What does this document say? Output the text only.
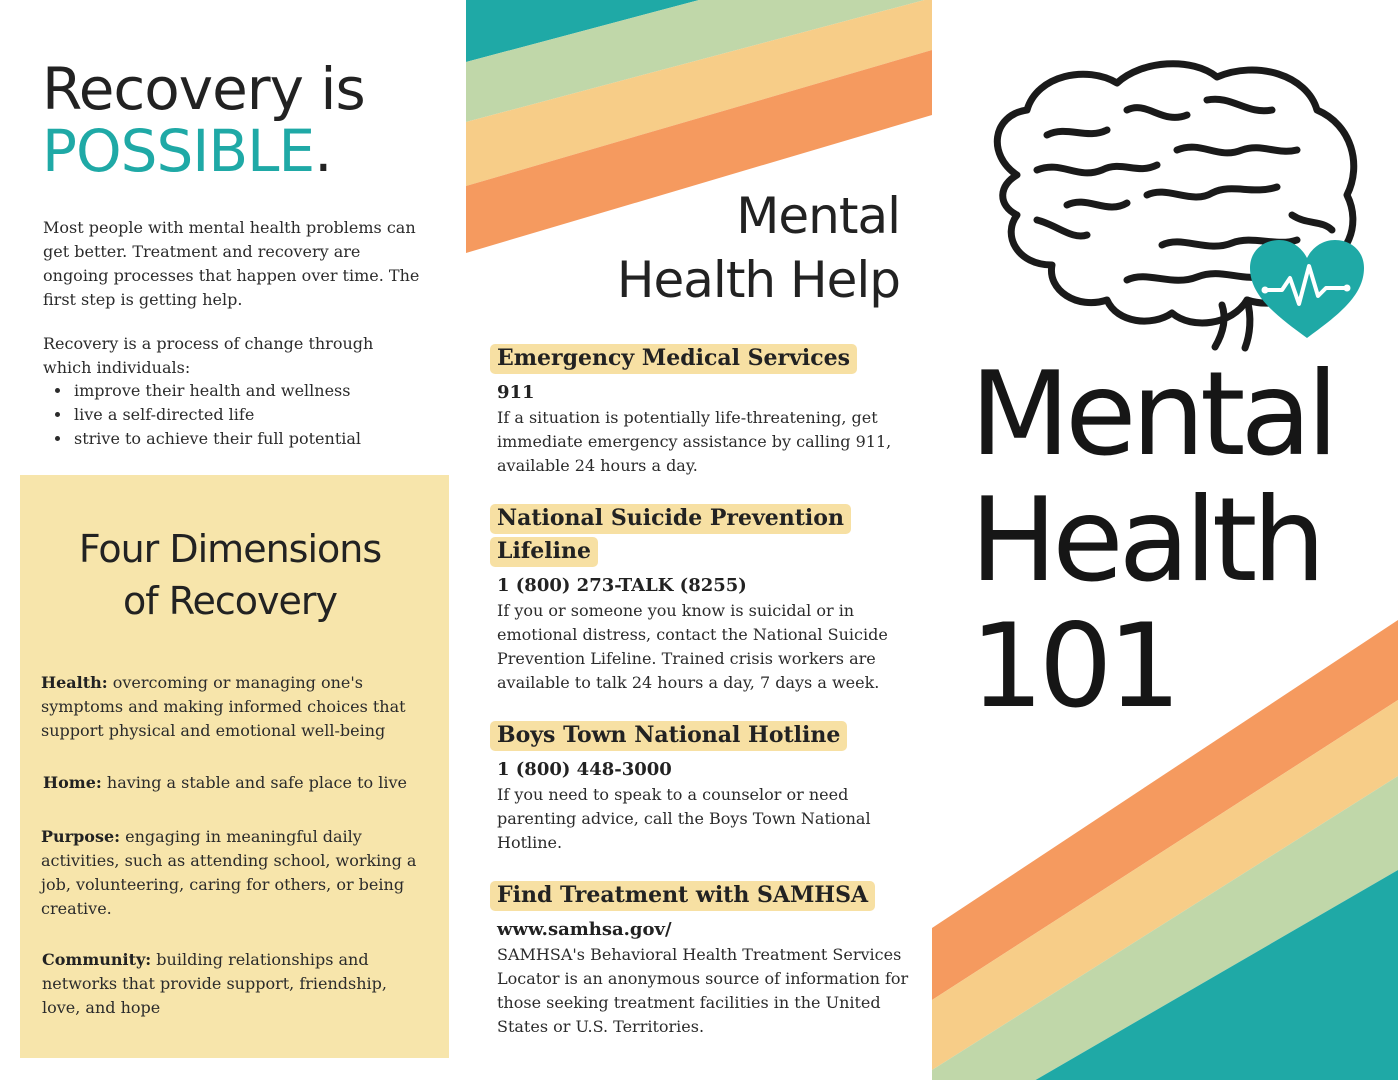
Recovery is
POSSIBLE.

Most people with mental health problems can get better. Treatment and recovery are ongoing processes that happen over time. The first step is getting help.

Recovery is a process of change through which individuals:

• improve their health and wellness
• live a self-directed life
• strive to achieve their full potential
Four Dimensions
of Recovery

Health: overcoming or managing one's symptoms and making informed choices that support physical and emotional well-being

Home: having a stable and safe place to live

Purpose: engaging in meaningful daily activities, such as attending school, working a job, volunteering, caring for others, or being creative.

Community: building relationships and networks that provide support, friendship, love, and hope

Mental
Health Help
Emergency Medical Services
911

If a situation is potentially life-threatening, get immediate emergency assistance by calling 911, available 24 hours a day.

National Suicide Prevention Lifeline
1 (800) 273-TALK (8255)

If you or someone you know is suicidal or in emotional distress, contact the National Suicide Prevention Lifeline. Trained crisis workers are available to talk 24 hours a day, 7 days a week.

Boys Town National Hotline
1 (800) 448-3000

If you need to speak to a counselor or need parenting advice, call the Boys Town National Hotline.

Find Treatment with SAMHSA
www.samhsa.gov/

SAMHSA's Behavioral Health Treatment Services Locator is an anonymous source of information for those seeking treatment facilities in the United States or U.S. Territories.

Mental
Health
101
